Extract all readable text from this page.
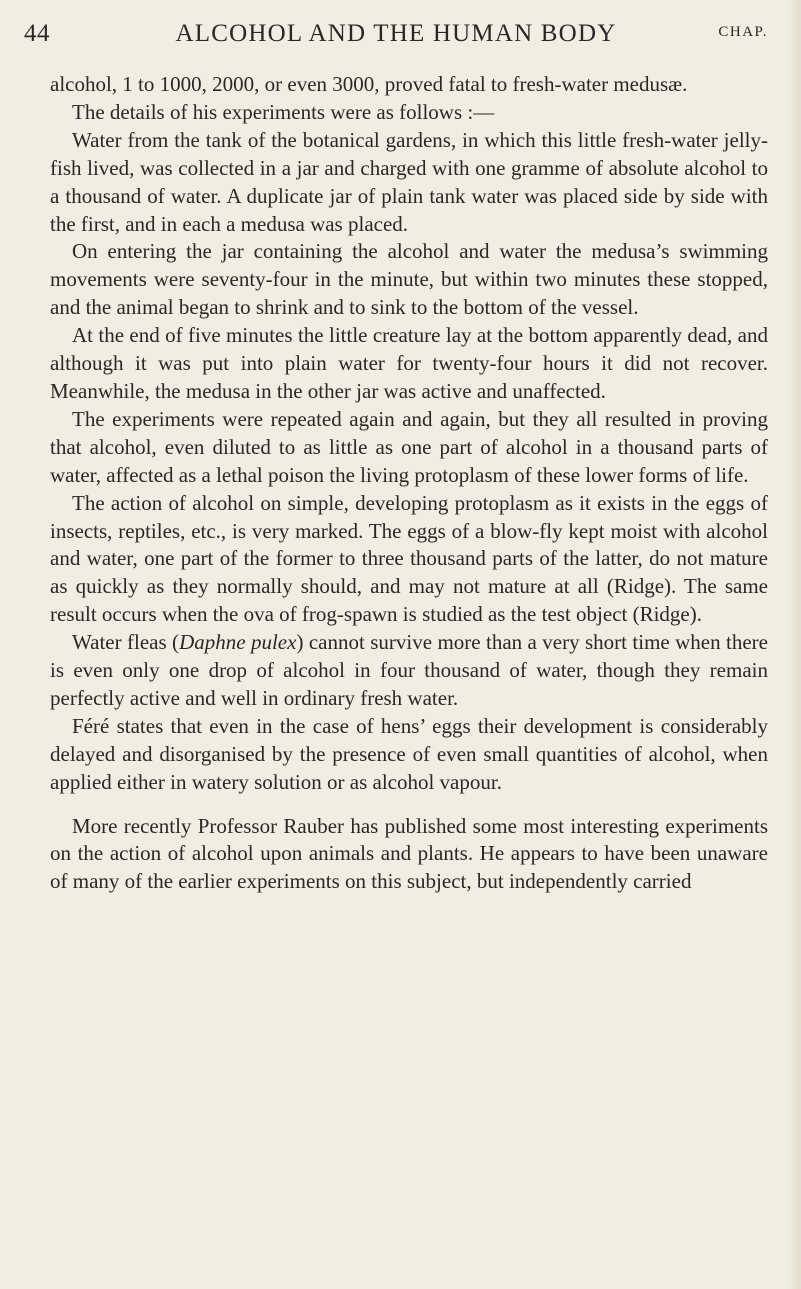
44	ALCOHOL AND THE HUMAN BODY	CHAP.

alcohol, 1 to 1000, 2000, or even 3000, proved fatal to fresh-water medusæ.

The details of his experiments were as follows :—

Water from the tank of the botanical gardens, in which this little fresh-water jelly-fish lived, was collected in a jar and charged with one gramme of absolute alcohol to a thousand of water. A duplicate jar of plain tank water was placed side by side with the first, and in each a medusa was placed.

On entering the jar containing the alcohol and water the medusa’s swimming movements were seventy-four in the minute, but within two minutes these stopped, and the animal began to shrink and to sink to the bottom of the vessel.

At the end of five minutes the little creature lay at the bottom apparently dead, and although it was put into plain water for twenty-four hours it did not recover. Meanwhile, the medusa in the other jar was active and unaffected.

The experiments were repeated again and again, but they all resulted in proving that alcohol, even diluted to as little as one part of alcohol in a thousand parts of water, affected as a lethal poison the living protoplasm of these lower forms of life.

The action of alcohol on simple, developing protoplasm as it exists in the eggs of insects, reptiles, etc., is very marked. The eggs of a blow-fly kept moist with alcohol and water, one part of the former to three thousand parts of the latter, do not mature as quickly as they normally should, and may not mature at all (Ridge). The same result occurs when the ova of frog-spawn is studied as the test object (Ridge).

Water fleas (Daphne pulex) cannot survive more than a very short time when there is even only one drop of alcohol in four thousand of water, though they remain perfectly active and well in ordinary fresh water.

Féré states that even in the case of hens’ eggs their development is considerably delayed and disorganised by the presence of even small quantities of alcohol, when applied either in watery solution or as alcohol vapour.

More recently Professor Rauber has published some most interesting experiments on the action of alcohol upon animals and plants. He appears to have been unaware of many of the earlier experiments on this subject, but independently carried
